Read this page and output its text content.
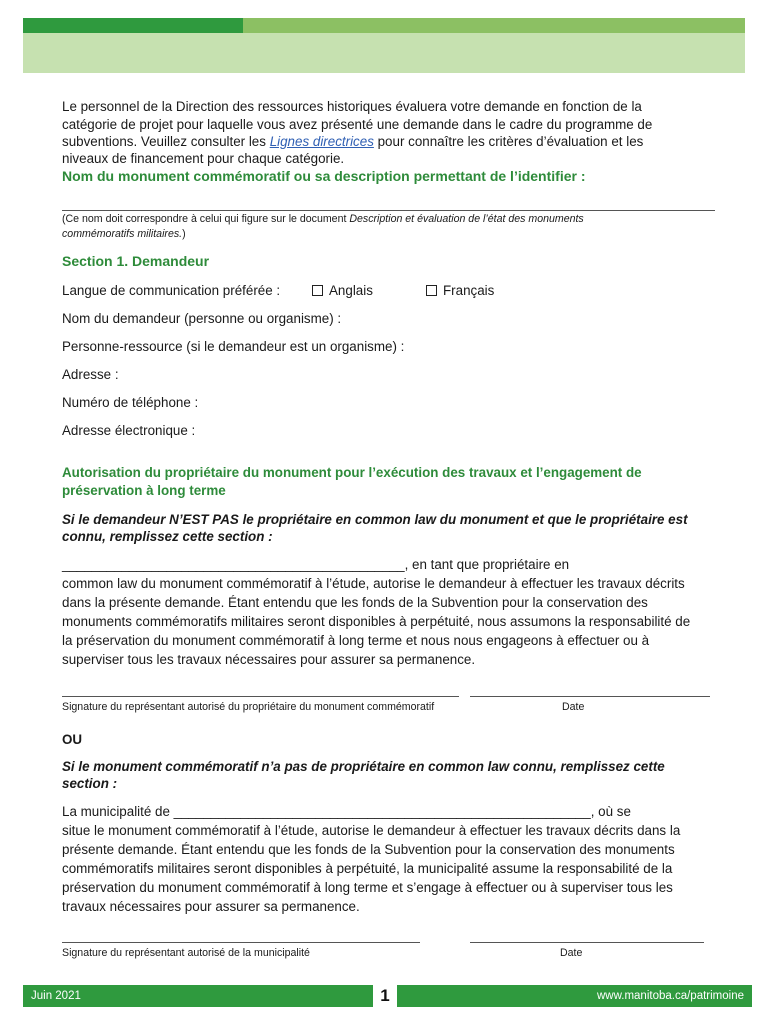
Le personnel de la Direction des ressources historiques évaluera votre demande en fonction de la
catégorie de projet pour laquelle vous avez présenté une demande dans le cadre du programme de
subventions. Veuillez consulter les Lignes directrices pour connaître les critères d’évaluation et les
niveaux de financement pour chaque catégorie.
Nom du monument commémoratif ou sa description permettant de l’identifier :
(Ce nom doit correspondre à celui qui figure sur le document Description et évaluation de l’état des monuments
commémoratifs militaires.)
Section 1. Demandeur
Langue de communication préférée :	Anglais	Français
Nom du demandeur (personne ou organisme) :
Personne-ressource (si le demandeur est un organisme) :
Adresse :
Numéro de téléphone :
Adresse électronique :
Autorisation du propriétaire du monument pour l’exécution des travaux et l’engagement de
préservation à long terme
Si le demandeur N’EST PAS le propriétaire en common law du monument et que le propriétaire est
connu, remplissez cette section :
______________________________________________, en tant que propriétaire en
common law du monument commémoratif à l’étude, autorise le demandeur à effectuer les travaux décrits
dans la présente demande. Étant entendu que les fonds de la Subvention pour la conservation des
monuments commémoratifs militaires seront disponibles à perpétuité, nous assumons la responsabilité de
la préservation du monument commémoratif à long terme et nous nous engageons à effectuer ou à
superviser tous les travaux nécessaires pour assurer sa permanence.
Signature du représentant autorisé du propriétaire du monument commémoratif	Date
OU
Si le monument commémoratif n’a pas de propriétaire en common law connu, remplissez cette
section :
La municipalité de ________________________________________________________, où se
situe le monument commémoratif à l’étude, autorise le demandeur à effectuer les travaux décrits dans la
présente demande. Étant entendu que les fonds de la Subvention pour la conservation des monuments
commémoratifs militaires seront disponibles à perpétuité, la municipalité assume la responsabilité de la
préservation du monument commémoratif à long terme et s’engage à effectuer ou à superviser tous les
travaux nécessaires pour assurer sa permanence.
Signature du représentant autorisé de la municipalité	Date
Juin 2021	1	www.manitoba.ca/patrimoine
